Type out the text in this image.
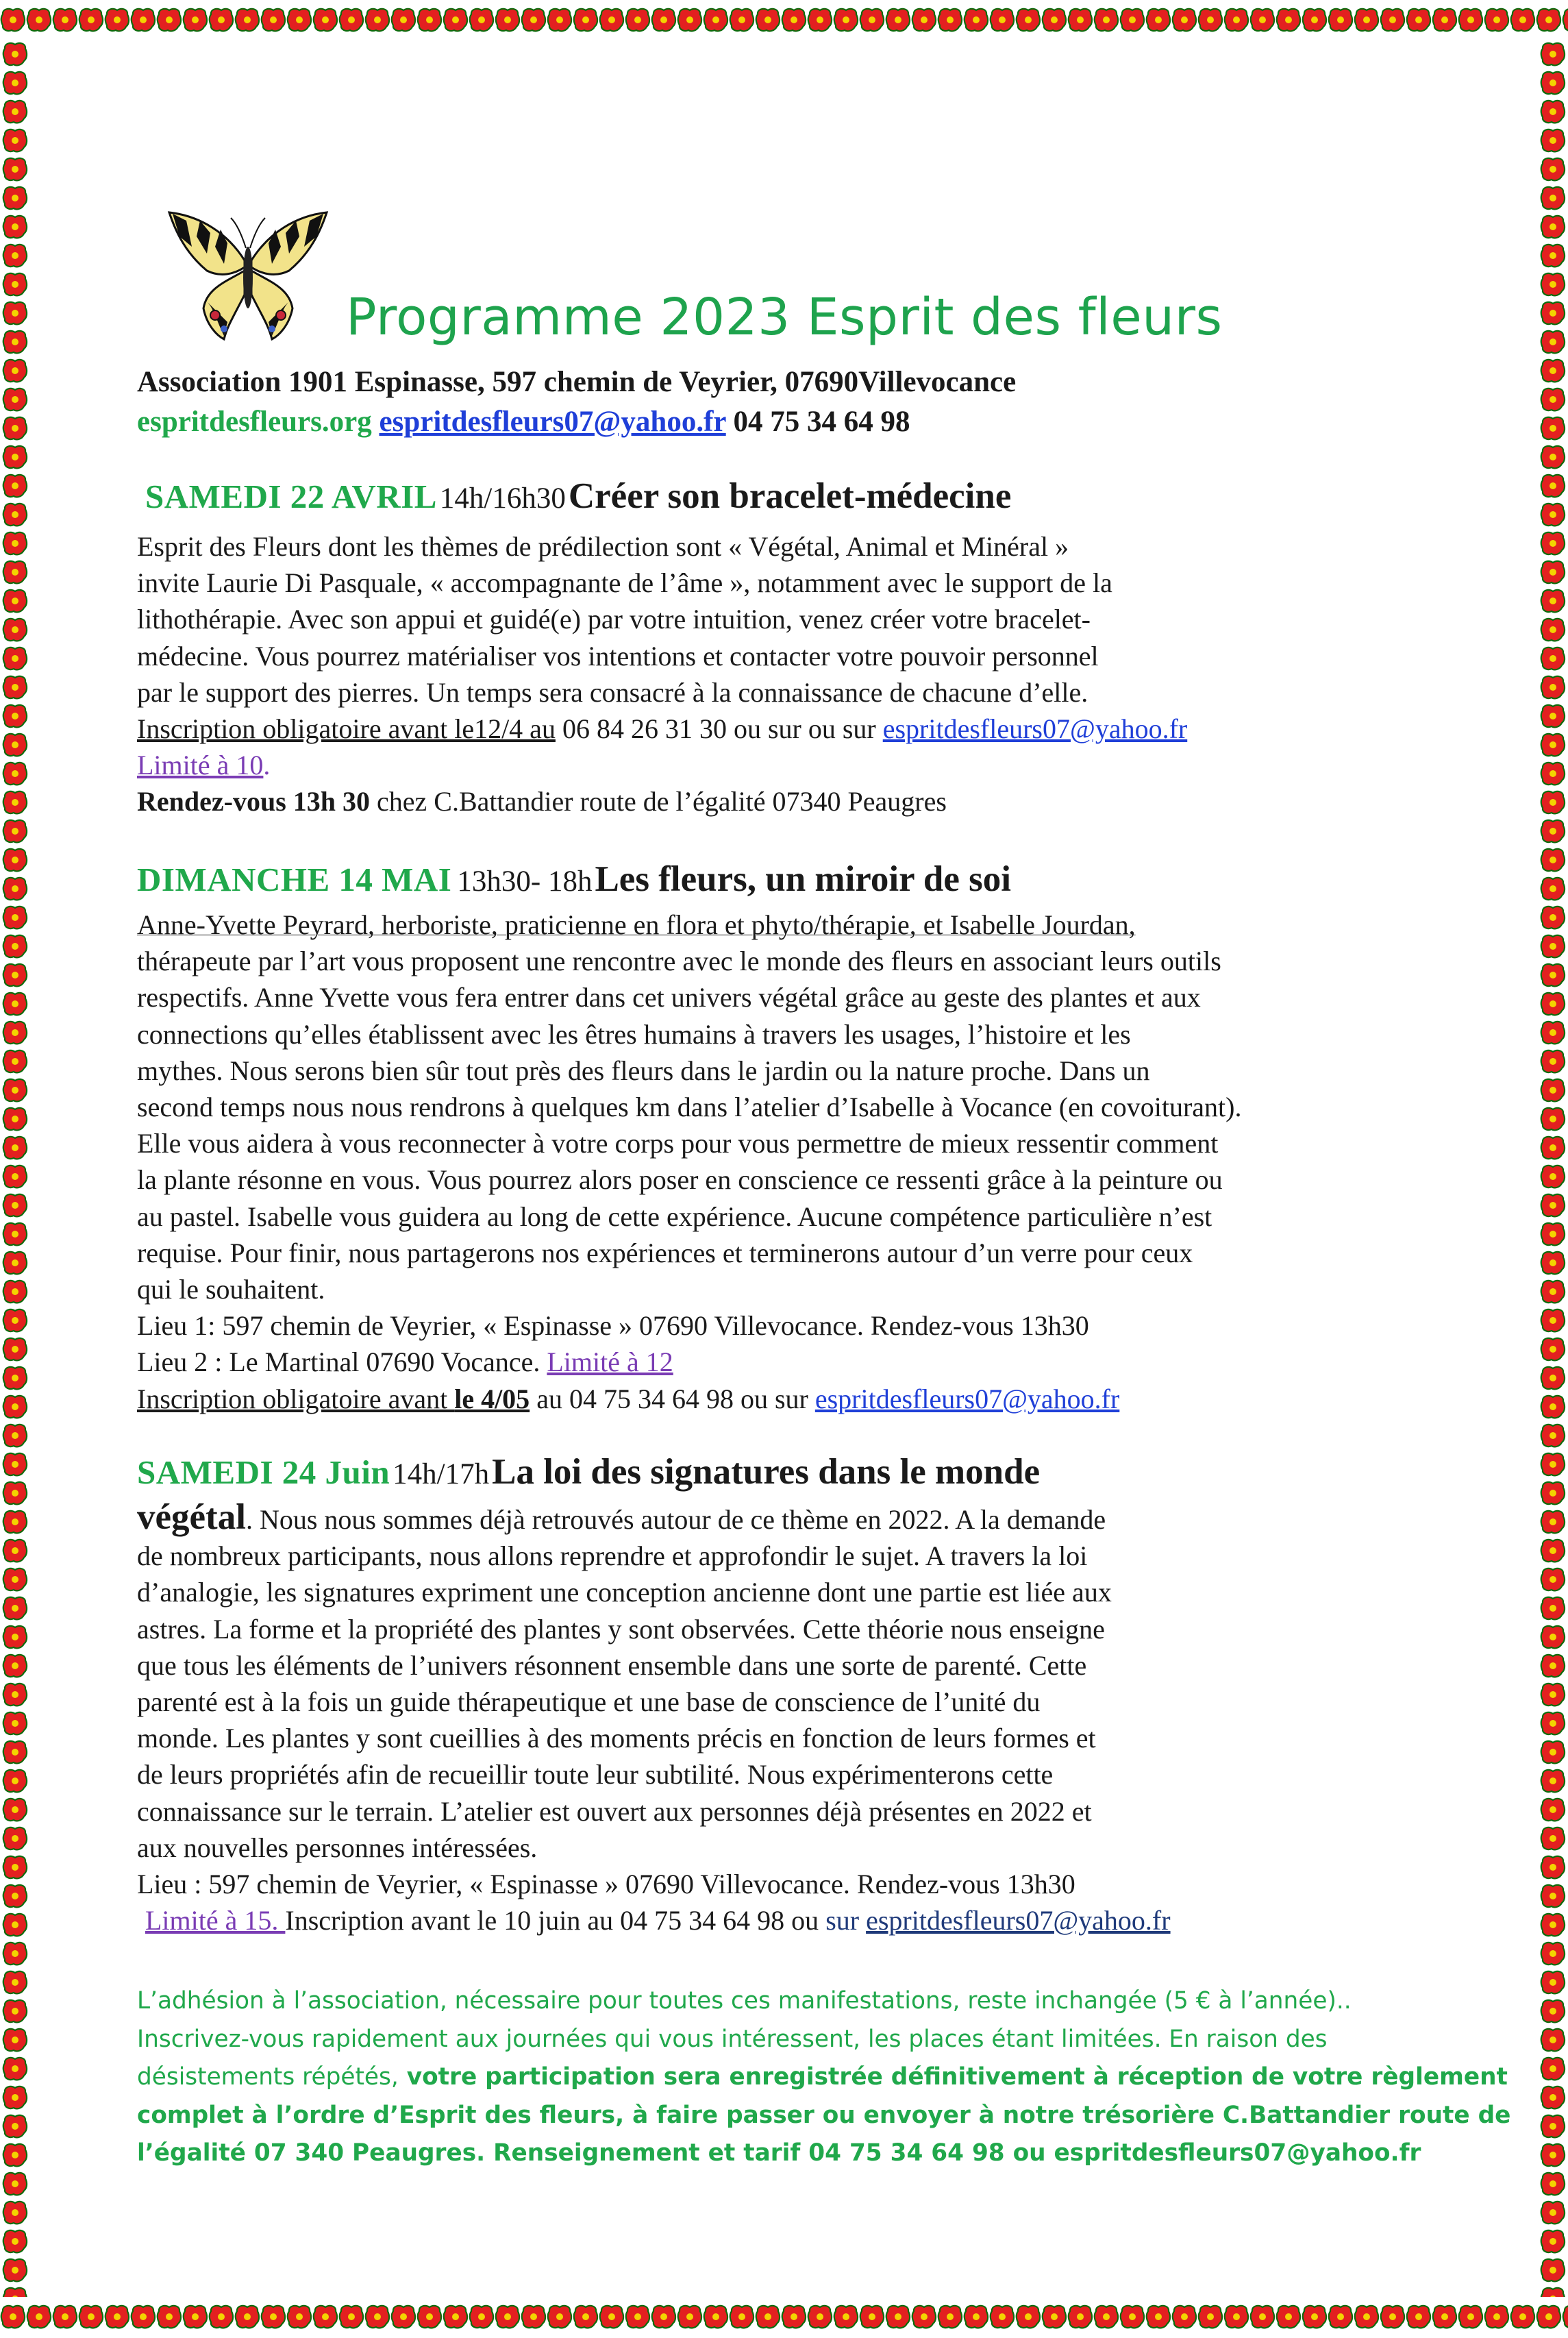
Programme 2023 Esprit des fleurs
Association 1901 Espinasse, 597 chemin de Veyrier, 07690Villevocance
espritdesfleurs.org espritdesfleurs07@yahoo.fr 04 75 34 64 98
SAMEDI 22 AVRIL 14h/16h30 Créer son bracelet-médecine
Esprit des Fleurs dont les thèmes de prédilection sont « Végétal, Animal et Minéral »
invite Laurie Di Pasquale, « accompagnante de l’âme », notamment avec le support de la
lithothérapie. Avec son appui et guidé(e) par votre intuition, venez créer votre bracelet-
médecine. Vous pourrez matérialiser vos intentions et contacter votre pouvoir personnel
par le support des pierres. Un temps sera consacré à la connaissance de chacune d’elle.
Inscription obligatoire avant le12/4 au 06 84 26 31 30 ou sur ou sur espritdesfleurs07@yahoo.fr
Limité à 10.
Rendez-vous 13h 30 chez C.Battandier route de l’égalité 07340 Peaugres
DIMANCHE 14 MAI 13h30- 18h Les fleurs, un miroir de soi
Anne-Yvette Peyrard, herboriste, praticienne en flora et phyto/thérapie, et Isabelle Jourdan,
thérapeute par l’art vous proposent une rencontre avec le monde des fleurs en associant leurs outils
respectifs. Anne Yvette vous fera entrer dans cet univers végétal grâce au geste des plantes et aux
connections qu’elles établissent avec les êtres humains à travers les usages, l’histoire et les
mythes. Nous serons bien sûr tout près des fleurs dans le jardin ou la nature proche. Dans un
second temps nous nous rendrons à quelques km dans l’atelier d’Isabelle à Vocance (en covoiturant).
Elle vous aidera à vous reconnecter à votre corps pour vous permettre de mieux ressentir comment
la plante résonne en vous. Vous pourrez alors poser en conscience ce ressenti grâce à la peinture ou
au pastel. Isabelle vous guidera au long de cette expérience. Aucune compétence particulière n’est
requise. Pour finir, nous partagerons nos expériences et terminerons autour d’un verre pour ceux
qui le souhaitent.
Lieu 1: 597 chemin de Veyrier, « Espinasse » 07690 Villevocance. Rendez-vous 13h30
Lieu 2 : Le Martinal 07690 Vocance. Limité à 12
Inscription obligatoire avant le 4/05 au 04 75 34 64 98 ou sur espritdesfleurs07@yahoo.fr
SAMEDI 24 Juin 14h/17h La loi des signatures dans le monde
végétal. Nous nous sommes déjà retrouvés autour de ce thème en 2022. A la demande
de nombreux participants, nous allons reprendre et approfondir le sujet. A travers la loi
d’analogie, les signatures expriment une conception ancienne dont une partie est liée aux
astres. La forme et la propriété des plantes y sont observées. Cette théorie nous enseigne
que tous les éléments de l’univers résonnent ensemble dans une sorte de parenté. Cette
parenté est à la fois un guide thérapeutique et une base de conscience de l’unité du
monde. Les plantes y sont cueillies à des moments précis en fonction de leurs formes et
de leurs propriétés afin de recueillir toute leur subtilité. Nous expérimenterons cette
connaissance sur le terrain. L’atelier est ouvert aux personnes déjà présentes en 2022 et
aux nouvelles personnes intéressées.
Lieu : 597 chemin de Veyrier, « Espinasse » 07690 Villevocance. Rendez-vous 13h30
Limité à 15. Inscription avant le 10 juin au 04 75 34 64 98 ou sur espritdesfleurs07@yahoo.fr
L’adhésion à l’association, nécessaire pour toutes ces manifestations, reste inchangée (5 € à l’année)..
Inscrivez-vous rapidement aux journées qui vous intéressent, les places étant limitées. En raison des
désistements répétés, votre participation sera enregistrée définitivement à réception de votre règlement
complet à l’ordre d’Esprit des fleurs, à faire passer ou envoyer à notre trésorière C.Battandier route de
l’égalité 07 340 Peaugres. Renseignement et tarif 04 75 34 64 98 ou espritdesfleurs07@yahoo.fr
